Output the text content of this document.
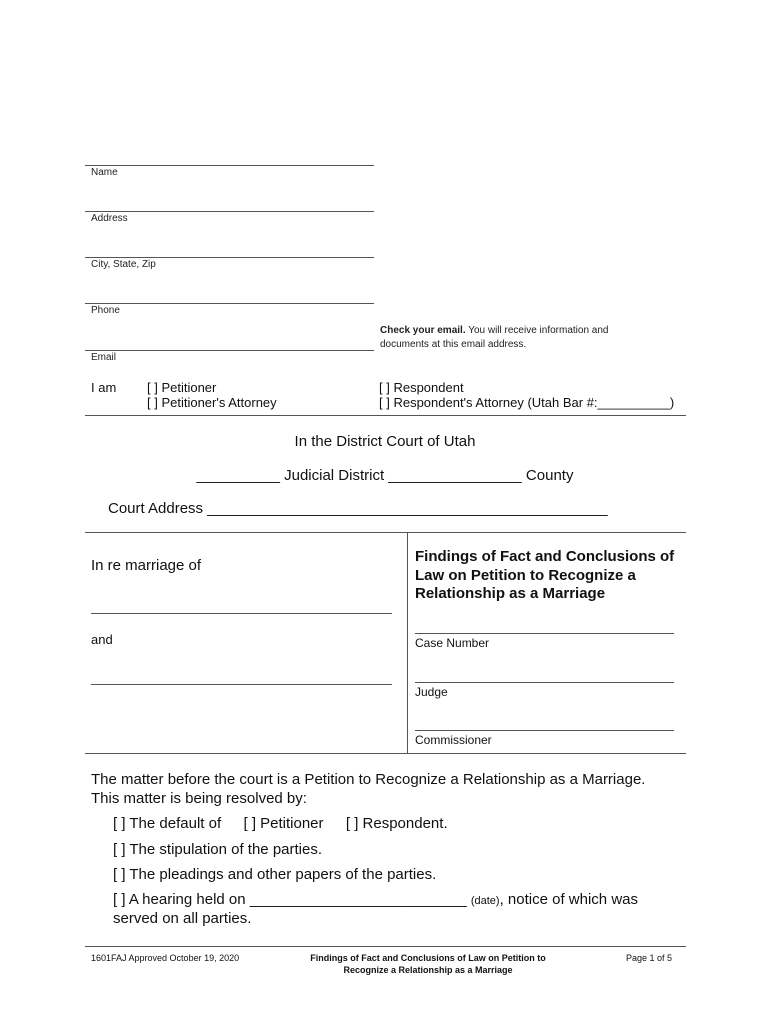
Name
Address
City, State, Zip
Phone
Check your email. You will receive information and
documents at this email address.
Email
I am [ ] Petitioner
[ ] Petitioner's Attorney
[ ] Respondent
[ ] Respondent's Attorney (Utah Bar #:__________)
In the District Court of Utah
__________ Judicial District ________________ County
Court Address ________________________________________________
In re marriage of
and
Findings of Fact and Conclusions of
Law on Petition to Recognize a
Relationship as a Marriage
Case Number
Judge
Commissioner
The matter before the court is a Petition to Recognize a Relationship as a Marriage.
This matter is being resolved by:
[ ] The default of [ ] Petitioner [ ] Respondent.
[ ] The stipulation of the parties.
[ ] The pleadings and other papers of the parties.
[ ] A hearing held on __________________________ (date), notice of which was
served on all parties.
1601FAJ Approved October 19, 2020	Findings of Fact and Conclusions of Law on Petition to
Recognize a Relationship as a Marriage
Page 1 of 5
